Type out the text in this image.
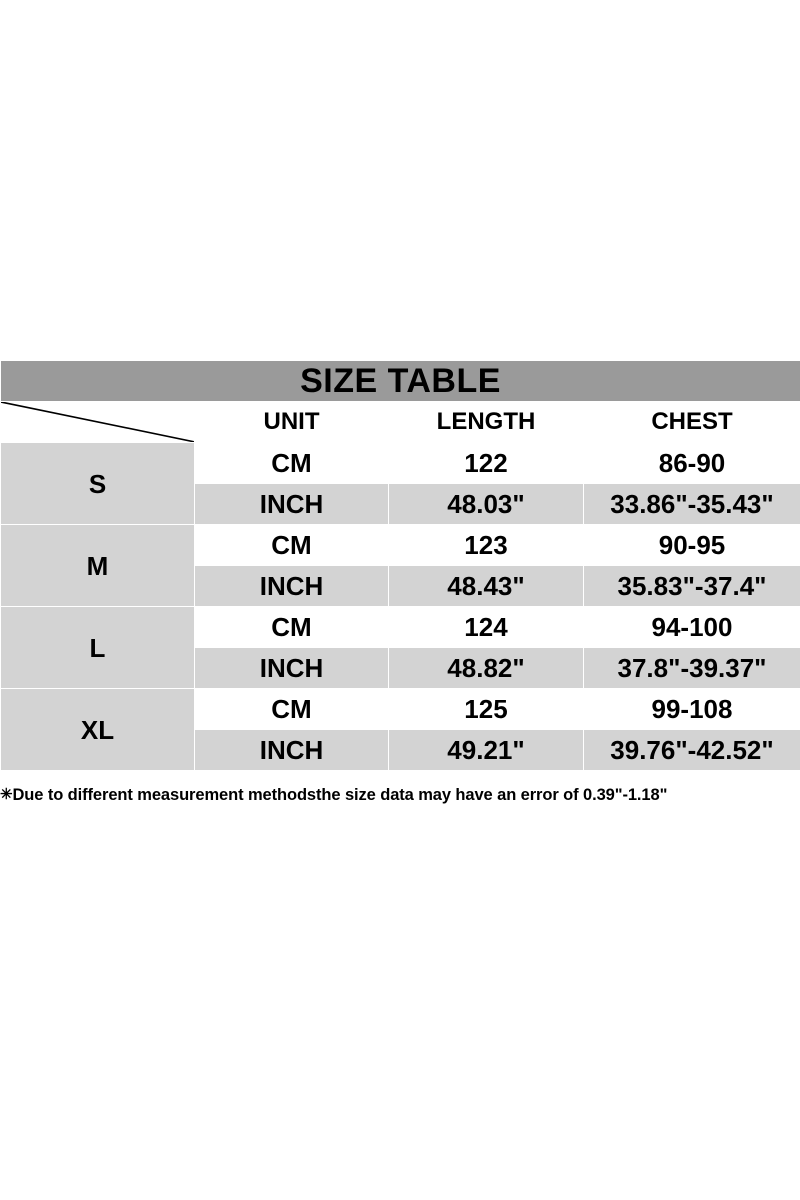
SIZE TABLE			

	UNIT	LENGTH	CHEST
S	CM	122	86-90
	INCH	48.03"	33.86"-35.43"
M	CM	123	90-95
	INCH	48.43"	35.83"-37.4"
L	CM	124	94-100
	INCH	48.82"	37.8"-39.37"
XL	CM	125	99-108
	INCH	49.21"	39.76"-42.52"
✳Due to different measurement methodsthe size data may have an error of 0.39"-1.18"
